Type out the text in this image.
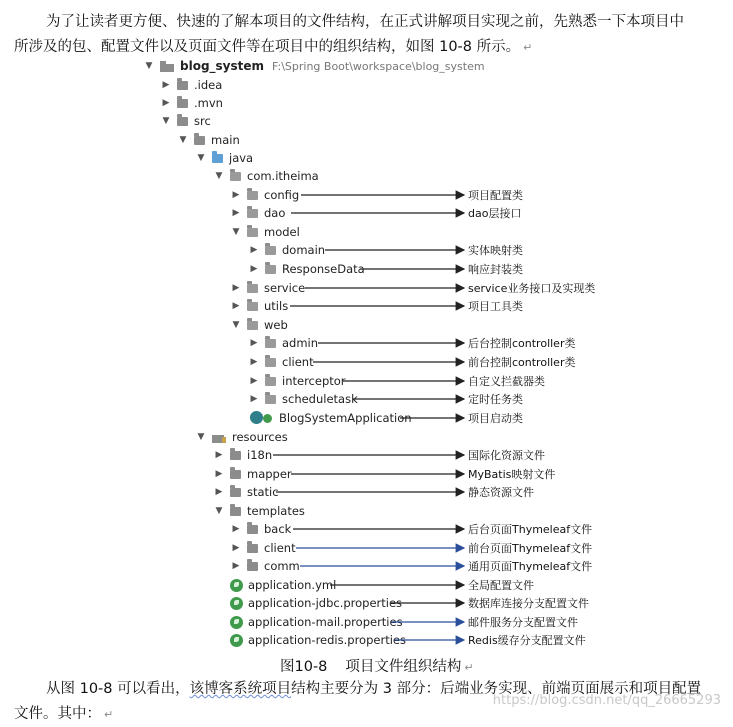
为了让读者更方便、快速的了解本项目的文件结构，在正式讲解项目实现之前，先熟悉一下本项目中
所涉及的包、配置文件以及页面文件等在项目中的组织结构，如图 10-8 所示。 ↵
▼ blog_system F:\Spring Boot\workspace\blog_system
▶ .idea
▶ .mvn
▼ src
▼ main
▼ java
▼ com.itheima
▶ config
▶ dao
▼ model
▶ domain
▶ ResponseData
▶ service
▶ utils
▼ web
▶ admin
▶ client
▶ interceptor
▶ scheduletask
BlogSystemApplication
▼ resources
▶ i18n
▶ mapper
▶ static
▼ templates
▶ back
▶ client
▶ comm
application.yml
application-jdbc.properties
application-mail.properties
application-redis.properties
项目配置类
dao层接口
实体映射类
响应封装类
service业务接口及实现类
项目工具类
后台控制controller类
前台控制controller类
自定义拦截器类
定时任务类
项目启动类
国际化资源文件
MyBatis映射文件
静态资源文件
后台页面Thymeleaf文件
前台页面Thymeleaf文件
通用页面Thymeleaf文件
全局配置文件
数据库连接分支配置文件
邮件服务分支配置文件
Redis缓存分支配置文件
图10-8 项目文件组织结构 ↵
从图 10-8 可以看出，该博客系统项目结构主要分为 3 部分：后端业务实现、前端页面展示和项目配置
文件。其中： ↵
https://blog.csdn.net/qq_26665293
